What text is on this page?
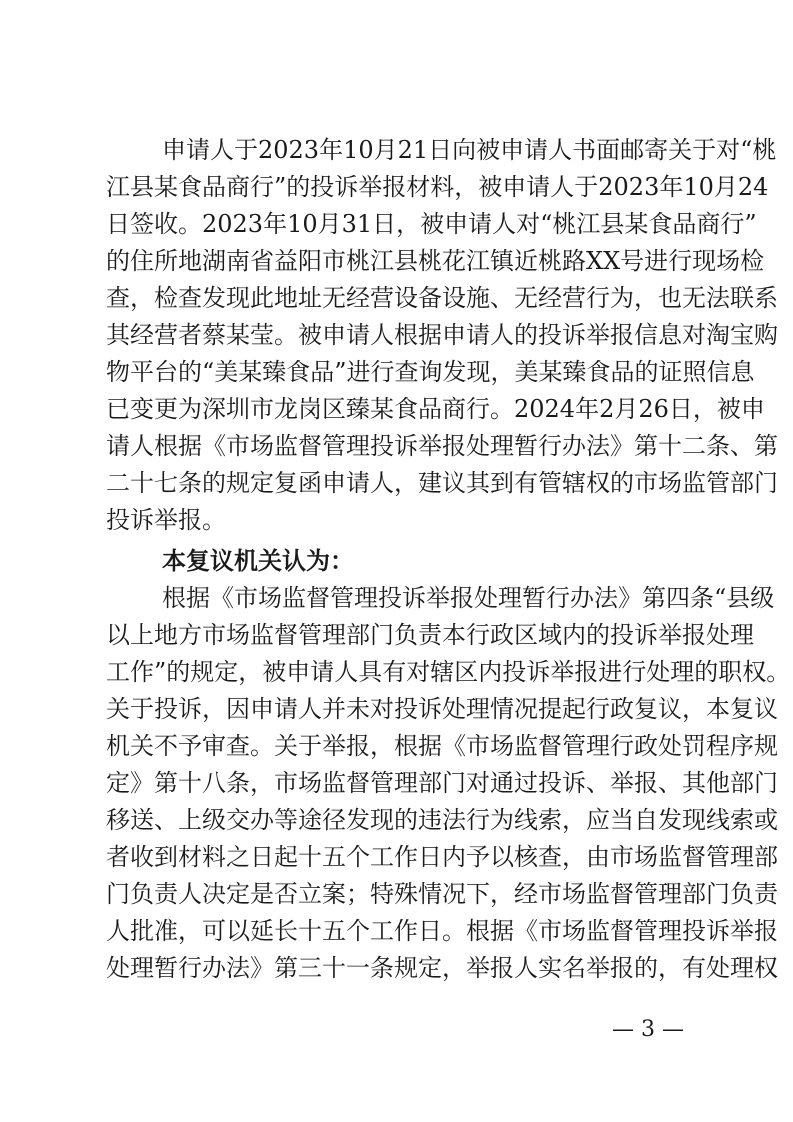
申请人于2023年10月21日向被申请人书面邮寄关于对“桃
江县某食品商行”的投诉举报材料，被申请人于2023年10月24
日签收。2023年10月31日，被申请人对“桃江县某食品商行”
的住所地湖南省益阳市桃江县桃花江镇近桃路XX号进行现场检
查，检查发现此地址无经营设备设施、无经营行为，也无法联系
其经营者蔡某莹。被申请人根据申请人的投诉举报信息对淘宝购
物平台的“美某臻食品”进行查询发现，美某臻食品的证照信息
已变更为深圳市龙岗区臻某食品商行。2024年2月26日，被申
请人根据《市场监督管理投诉举报处理暂行办法》第十二条、第
二十七条的规定复函申请人，建议其到有管辖权的市场监管部门
投诉举报。
本复议机关认为：
根据《市场监督管理投诉举报处理暂行办法》第四条“县级
以上地方市场监督管理部门负责本行政区域内的投诉举报处理
工作”的规定，被申请人具有对辖区内投诉举报进行处理的职权。
关于投诉，因申请人并未对投诉处理情况提起行政复议，本复议
机关不予审查。关于举报，根据《市场监督管理行政处罚程序规
定》第十八条，市场监督管理部门对通过投诉、举报、其他部门
移送、上级交办等途径发现的违法行为线索，应当自发现线索或
者收到材料之日起十五个工作日内予以核查，由市场监督管理部
门负责人决定是否立案；特殊情况下，经市场监督管理部门负责
人批准，可以延长十五个工作日。根据《市场监督管理投诉举报
处理暂行办法》第三十一条规定，举报人实名举报的，有处理权
— 3 —
